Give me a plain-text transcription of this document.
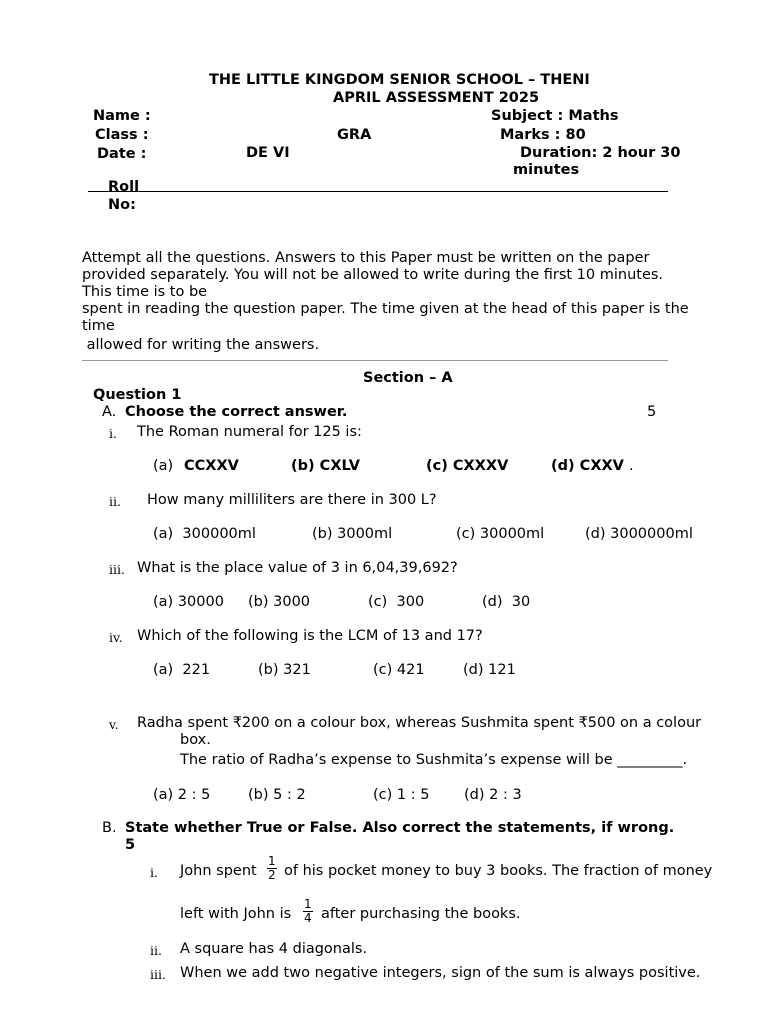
THE LITTLE KINGDOM SENIOR SCHOOL – THENI
APRIL ASSESSMENT 2025
Name :
Class :
Date :
GRA
DE VI
Subject : Maths
Marks : 80
Duration: 2 hour 30
minutes
Roll
No:
Attempt all the questions. Answers to this Paper must be written on the paper
provided separately. You will not be allowed to write during the first 10 minutes.
This time is to be
spent in reading the question paper. The time given at the head of this paper is the
time
allowed for writing the answers.
Section – A
Question 1
A. Choose the correct answer.	5
i. The Roman numeral for 125 is:
(a) CCXXV	(b) CXLV	(c) CXXXV	(d) CXXV .
ii. How many milliliters are there in 300 L?
(a)  300000ml	(b) 3000ml	(c) 30000ml	(d) 3000000ml
iii. What is the place value of 3 in 6,04,39,692?
(a) 30000 (b) 3000	(c)  300	(d)  30
iv. Which of the following is the LCM of 13 and 17?
(a)  221	(b) 321	(c) 421	(d) 121
v. Radha spent ₹200 on a colour box, whereas Sushmita spent ₹500 on a colour
box.
The ratio of Radha’s expense to Sushmita’s expense will be _________.
(a) 2 : 5	(b) 5 : 2	(c) 1 : 5 (d) 2 : 3
B. State whether True or False. Also correct the statements, if wrong.
5
i. John spent $\frac{1}{2}$ of his pocket money to buy 3 books. The fraction of money
left with John is $\frac{1}{4}$ after purchasing the books.
ii. A square has 4 diagonals.
iii. When we add two negative integers, sign of the sum is always positive.
